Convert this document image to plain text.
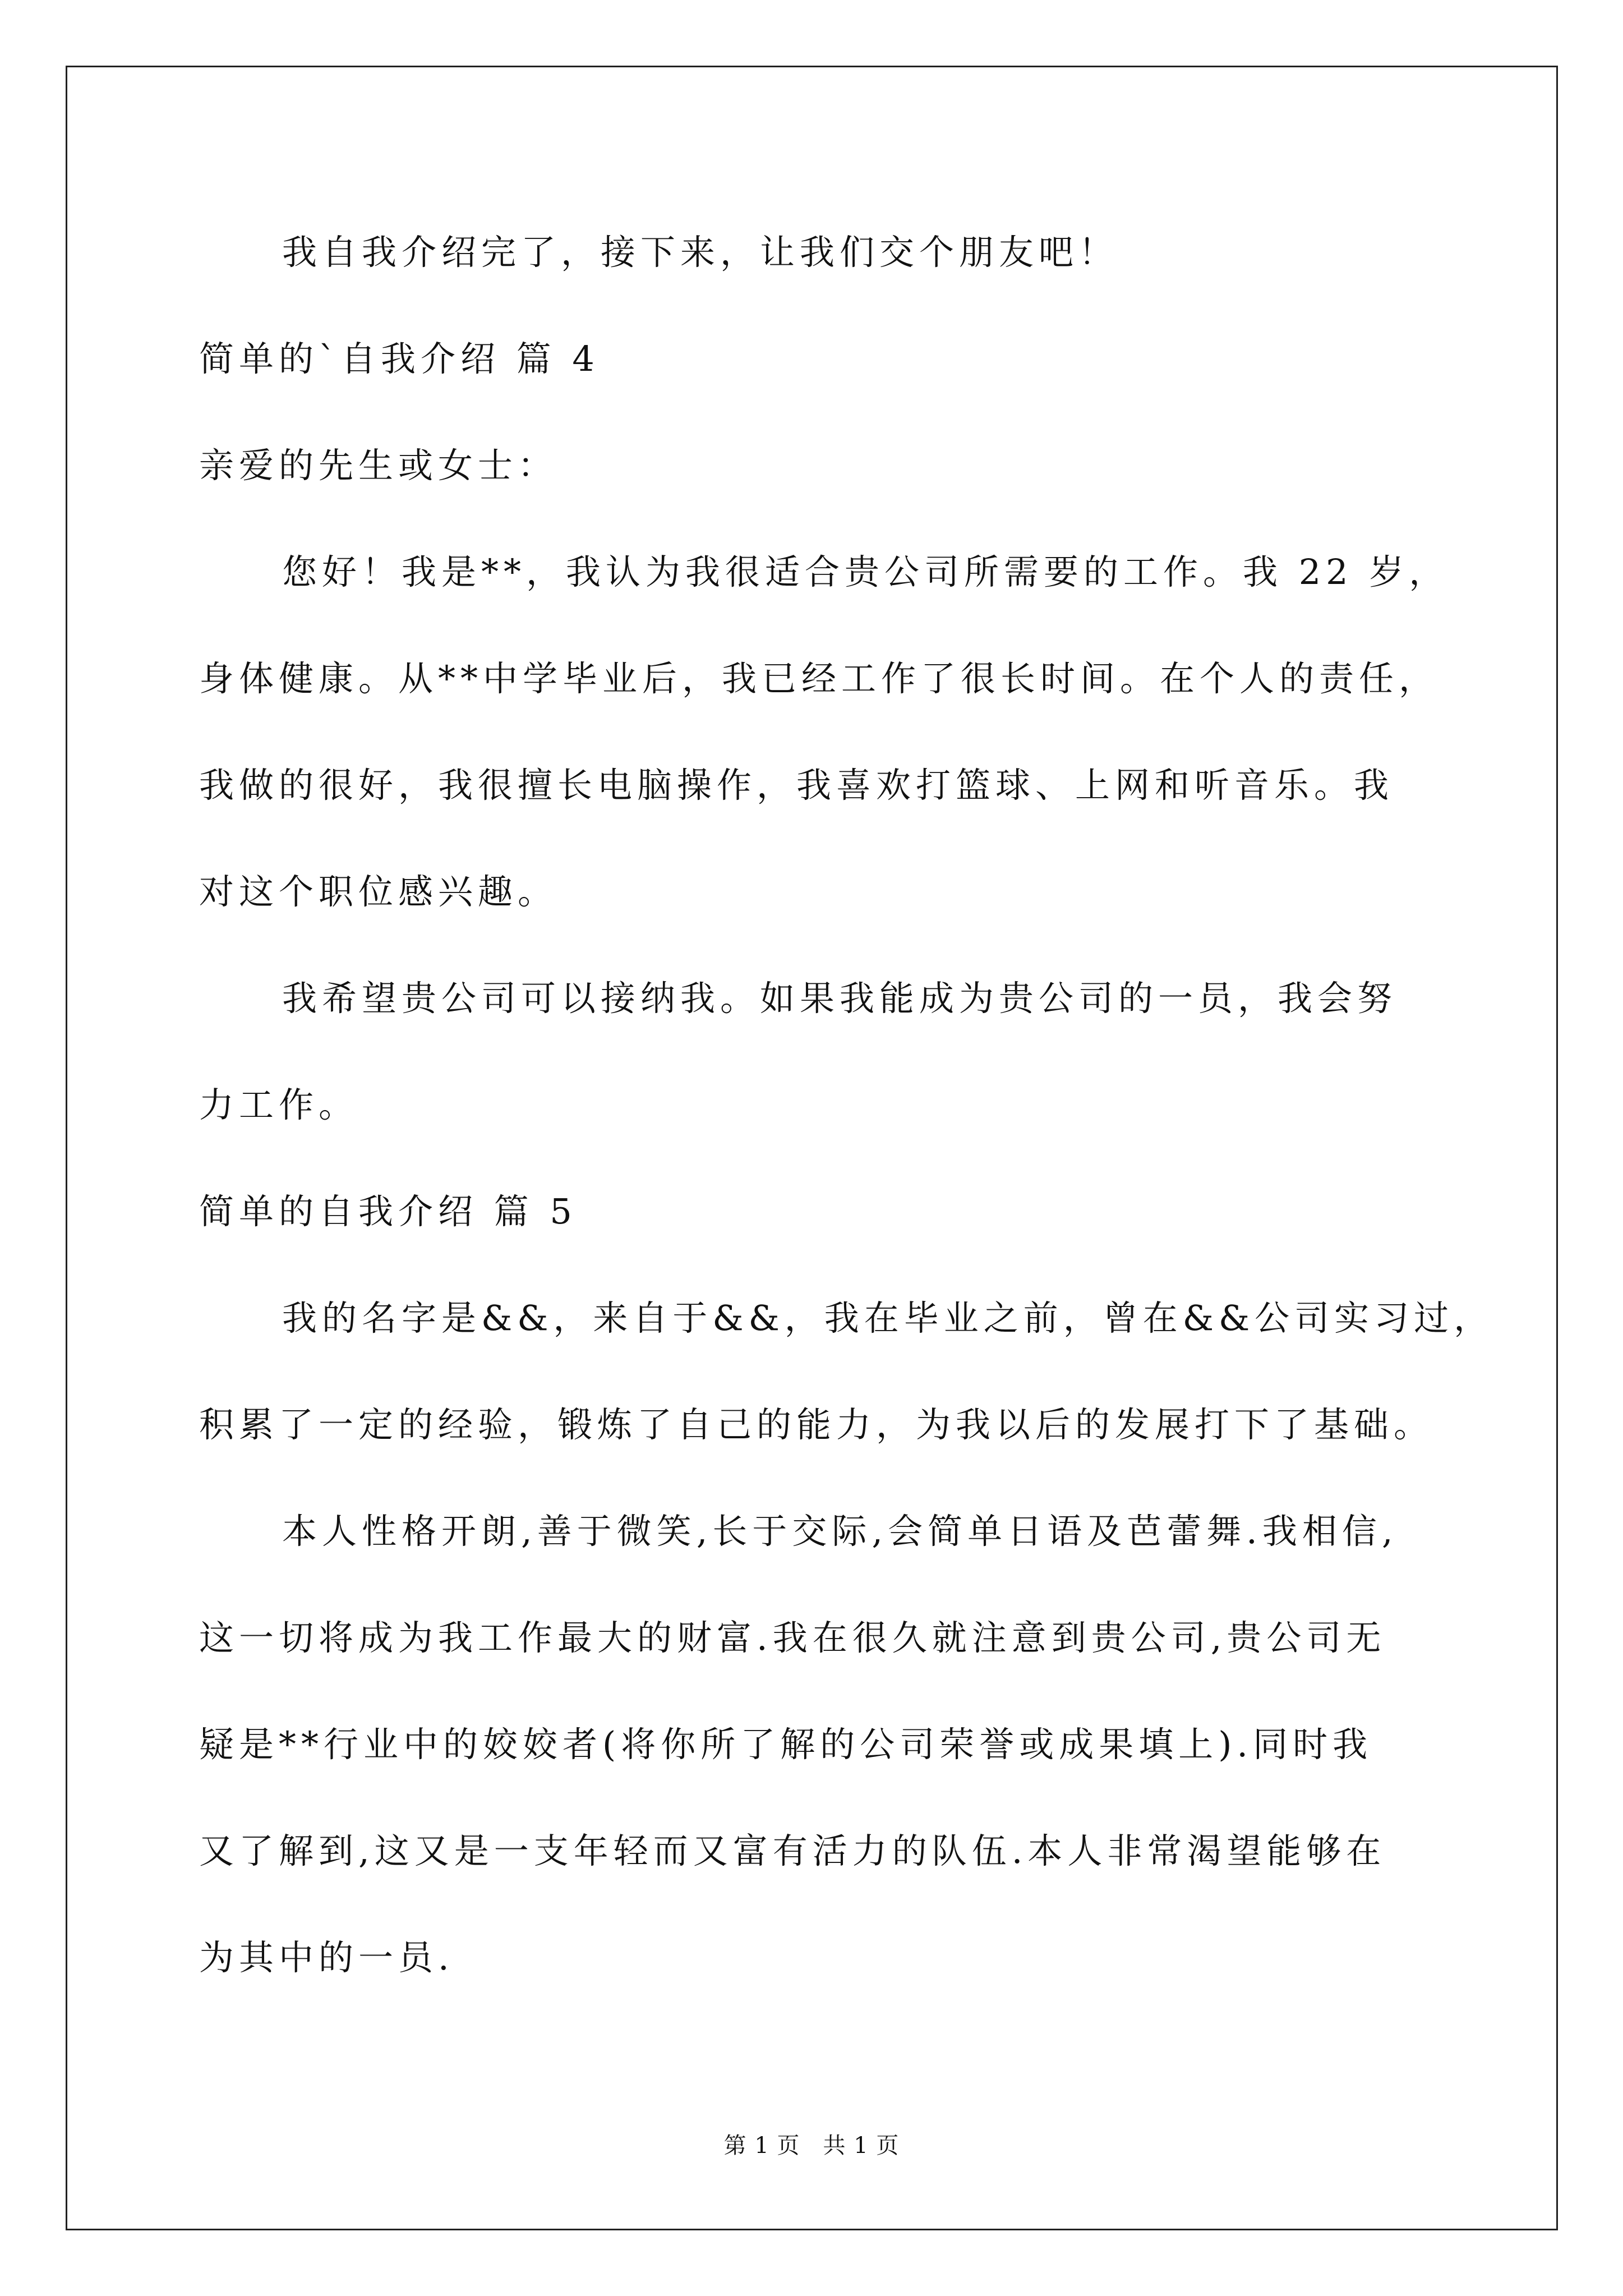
我自我介绍完了，接下来，让我们交个朋友吧！
简单的`自我介绍 篇 4
亲爱的先生或女士：
您好！我是**，我认为我很适合贵公司所需要的工作。我 22 岁，
身体健康。从**中学毕业后，我已经工作了很长时间。在个人的责任，
我做的很好，我很擅长电脑操作，我喜欢打篮球、上网和听音乐。我
对这个职位感兴趣。
我希望贵公司可以接纳我。如果我能成为贵公司的一员，我会努
力工作。
简单的自我介绍 篇 5
我的名字是&&，来自于&&，我在毕业之前，曾在&&公司实习过，
积累了一定的经验，锻炼了自己的能力，为我以后的发展打下了基础。
本人性格开朗,善于微笑,长于交际,会简单日语及芭蕾舞.我相信,
这一切将成为我工作最大的财富.我在很久就注意到贵公司,贵公司无
疑是**行业中的姣姣者(将你所了解的公司荣誉或成果填上).同时我
又了解到,这又是一支年轻而又富有活力的队伍.本人非常渴望能够在
为其中的一员.
第 1 页　共 1 页
